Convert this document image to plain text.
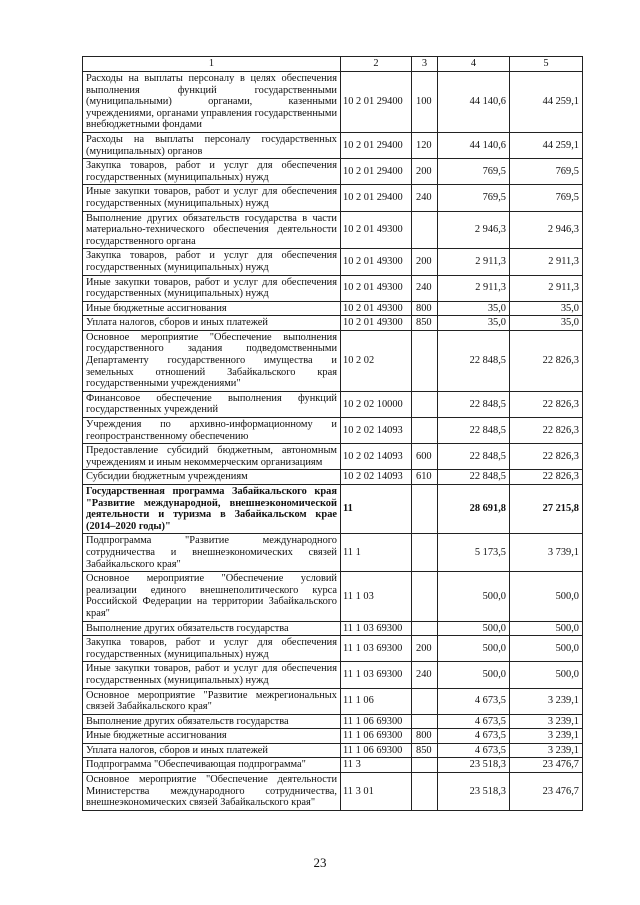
1	2	3	4	5
Расходы на выплаты персоналу в целях обеспечения выполнения функций государственными (муниципальными) органами, казенными учреждениями, органами управления государственными внебюджетными фондами	10 2 01 29400	100	44 140,6	44 259,1
Расходы на выплаты персоналу государственных (муниципальных) органов	10 2 01 29400	120	44 140,6	44 259,1
Закупка товаров, работ и услуг для обеспечения государственных (муниципальных) нужд	10 2 01 29400	200	769,5	769,5
Иные закупки товаров, работ и услуг для обеспечения государственных (муниципальных) нужд	10 2 01 29400	240	769,5	769,5
Выполнение других обязательств государства в части материально-технического обеспечения деятельности государственного органа	10 2 01 49300		2 946,3	2 946,3
Закупка товаров, работ и услуг для обеспечения государственных (муниципальных) нужд	10 2 01 49300	200	2 911,3	2 911,3
Иные закупки товаров, работ и услуг для обеспечения государственных (муниципальных) нужд	10 2 01 49300	240	2 911,3	2 911,3
Иные бюджетные ассигнования	10 2 01 49300	800	35,0	35,0
Уплата налогов, сборов и иных платежей	10 2 01 49300	850	35,0	35,0
Основное мероприятие "Обеспечение выполнения государственного задания подведомственными Департаменту государственного имущества и земельных отношений Забайкальского края государственными учреждениями"	10 2 02		22 848,5	22 826,3
Финансовое обеспечение выполнения функций государственных учреждений	10 2 02 10000		22 848,5	22 826,3
Учреждения по архивно-информационному и геопространственному обеспечению	10 2 02 14093		22 848,5	22 826,3
Предоставление субсидий бюджетным, автономным учреждениям и иным некоммерческим организациям	10 2 02 14093	600	22 848,5	22 826,3
Субсидии бюджетным учреждениям	10 2 02 14093	610	22 848,5	22 826,3
Государственная программа Забайкальского края "Развитие международной, внешнеэкономической деятельности и туризма в Забайкальском крае (2014–2020 годы)"	11		28 691,8	27 215,8
Подпрограмма "Развитие международного сотрудничества и внешнеэкономических связей Забайкальского края"	11 1		5 173,5	3 739,1
Основное мероприятие "Обеспечение условий реализации единого внешнеполитического курса Российской Федерации на территории Забайкальского края"	11 1 03		500,0	500,0
Выполнение других обязательств государства	11 1 03 69300		500,0	500,0
Закупка товаров, работ и услуг для обеспечения государственных (муниципальных) нужд	11 1 03 69300	200	500,0	500,0
Иные закупки товаров, работ и услуг для обеспечения государственных (муниципальных) нужд	11 1 03 69300	240	500,0	500,0
Основное мероприятие "Развитие межрегиональных связей Забайкальского края"	11 1 06		4 673,5	3 239,1
Выполнение других обязательств государства	11 1 06 69300		4 673,5	3 239,1
Иные бюджетные ассигнования	11 1 06 69300	800	4 673,5	3 239,1
Уплата налогов, сборов и иных платежей	11 1 06 69300	850	4 673,5	3 239,1
Подпрограмма "Обеспечивающая подпрограмма"	11 3		23 518,3	23 476,7
Основное мероприятие "Обеспечение деятельности Министерства международного сотрудничества, внешнеэкономических связей Забайкальского края"	11 3 01		23 518,3	23 476,7
23
